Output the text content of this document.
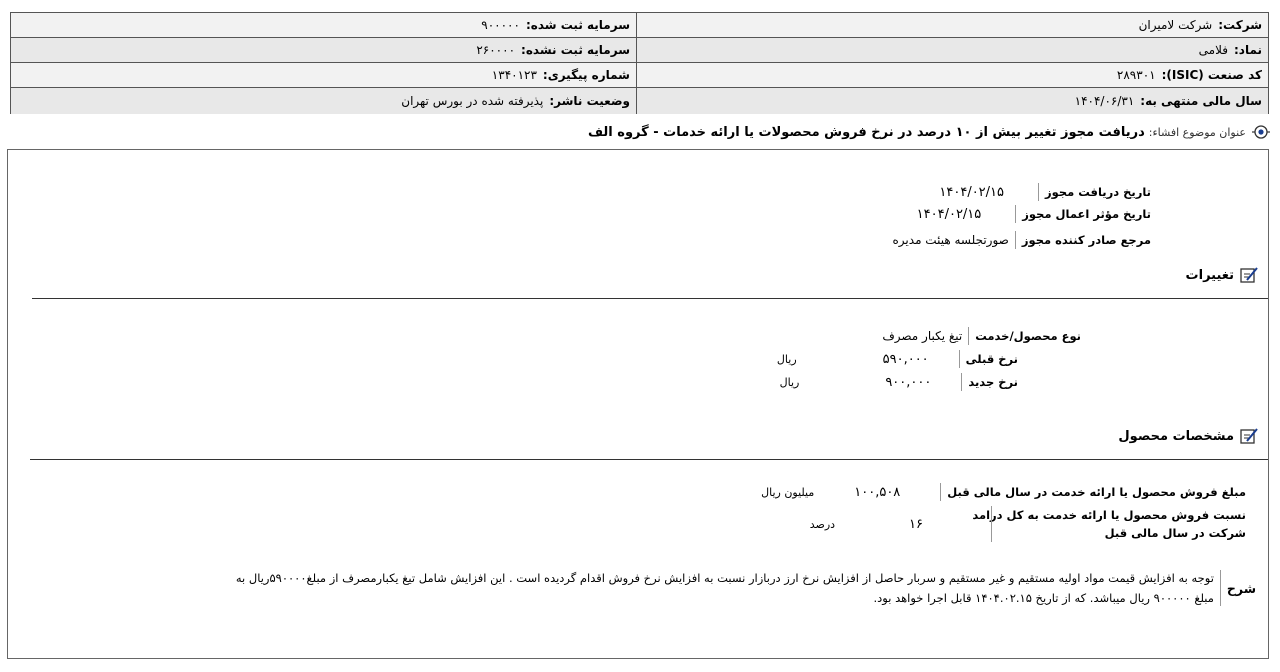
شرکت:
شرکت لامیران
سرمایه ثبت شده:
۹۰۰۰۰۰
نماد:
فلامی
سرمایه ثبت نشده:
۲۶۰۰۰۰
کد صنعت (ISIC):
۲۸۹۳۰۱
شماره پیگیری:
۱۳۴۰۱۲۳
سال مالی منتهی به:
۱۴۰۴/۰۶/۳۱
وضعیت ناشر:
پذیرفته شده در بورس تهران
عنوان موضوع افشاء:
دریافت مجوز تغییر بیش از ۱۰ درصد در نرخ فروش محصولات یا ارائه خدمات - گروه الف
تاریخ دریافت مجوز
۱۴۰۴/۰۲/۱۵
تاریخ مؤثر اعمال مجوز
۱۴۰۴/۰۲/۱۵
مرجع صادر کننده مجوز
صورتجلسه هیئت مدیره
تغییرات
نوع محصول/خدمت
تیغ یکبار مصرف
نرخ قبلی
۵۹۰,۰۰۰
ریال
نرخ جدید
۹۰۰,۰۰۰
ریال
مشخصات محصول
مبلغ فروش محصول یا ارائه خدمت در سال مالی قبل
۱۰۰,۵۰۸
میلیون ریال
نسبت فروش محصول یا ارائه خدمت به کل درامد
شرکت در سال مالی قبل
۱۶
درصد
شرح
توجه به افزایش قیمت مواد اولیه مستقیم و غیر مستقیم و سربار حاصل از افزایش نرخ ارز دربازار نسبت به افزایش نرخ فروش اقدام گردیده است . این افزایش شامل تیغ یکبارمصرف از مبلغ۵۹۰۰۰۰ریال به
مبلغ ۹۰۰۰۰۰ ریال میباشد. که از تاریخ ۱۴۰۴.۰۲.۱۵ قابل اجرا خواهد بود.
